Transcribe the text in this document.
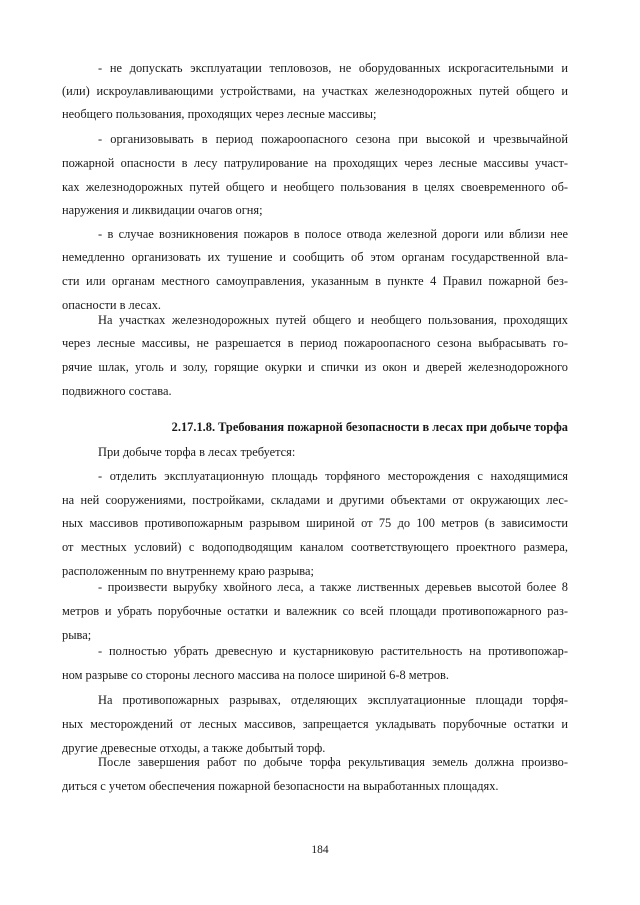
- не допускать эксплуатации тепловозов, не оборудованных искрогасительными и
(или) искроулавливающими устройствами, на участках железнодорожных путей общего и
необщего пользования, проходящих через лесные массивы;
- организовывать в период пожароопасного сезона при высокой и чрезвычайной
пожарной опасности в лесу патрулирование на проходящих через лесные массивы участ-
ках железнодорожных путей общего и необщего пользования в целях своевременного об-
наружения и ликвидации очагов огня;
- в случае возникновения пожаров в полосе отвода железной дороги или вблизи нее
немедленно организовать их тушение и сообщить об этом органам государственной вла-
сти или органам местного самоуправления, указанным в пункте 4 Правил пожарной без-
опасности в лесах.
На участках железнодорожных путей общего и необщего пользования, проходящих
через лесные массивы, не разрешается в период пожароопасного сезона выбрасывать го-
рячие шлак, уголь и золу, горящие окурки и спички из окон и дверей железнодорожного
подвижного состава.
2.17.1.8. Требования пожарной безопасности в лесах при добыче торфа
При добыче торфа в лесах требуется:
- отделить эксплуатационную площадь торфяного месторождения с находящимися
на ней сооружениями, постройками, складами и другими объектами от окружающих лес-
ных массивов противопожарным разрывом шириной от 75 до 100 метров (в зависимости
от местных условий) с водоподводящим каналом соответствующего проектного размера,
расположенным по внутреннему краю разрыва;
- произвести вырубку хвойного леса, а также лиственных деревьев высотой более 8
метров и убрать порубочные остатки и валежник со всей площади противопожарного раз-
рыва;
- полностью убрать древесную и кустарниковую растительность на противопожар-
ном разрыве со стороны лесного массива на полосе шириной 6-8 метров.
На противопожарных разрывах, отделяющих эксплуатационные площади торфя-
ных месторождений от лесных массивов, запрещается укладывать порубочные остатки и
другие древесные отходы, а также добытый торф.
После завершения работ по добыче торфа рекультивация земель должна произво-
диться с учетом обеспечения пожарной безопасности на выработанных площадях.
184
